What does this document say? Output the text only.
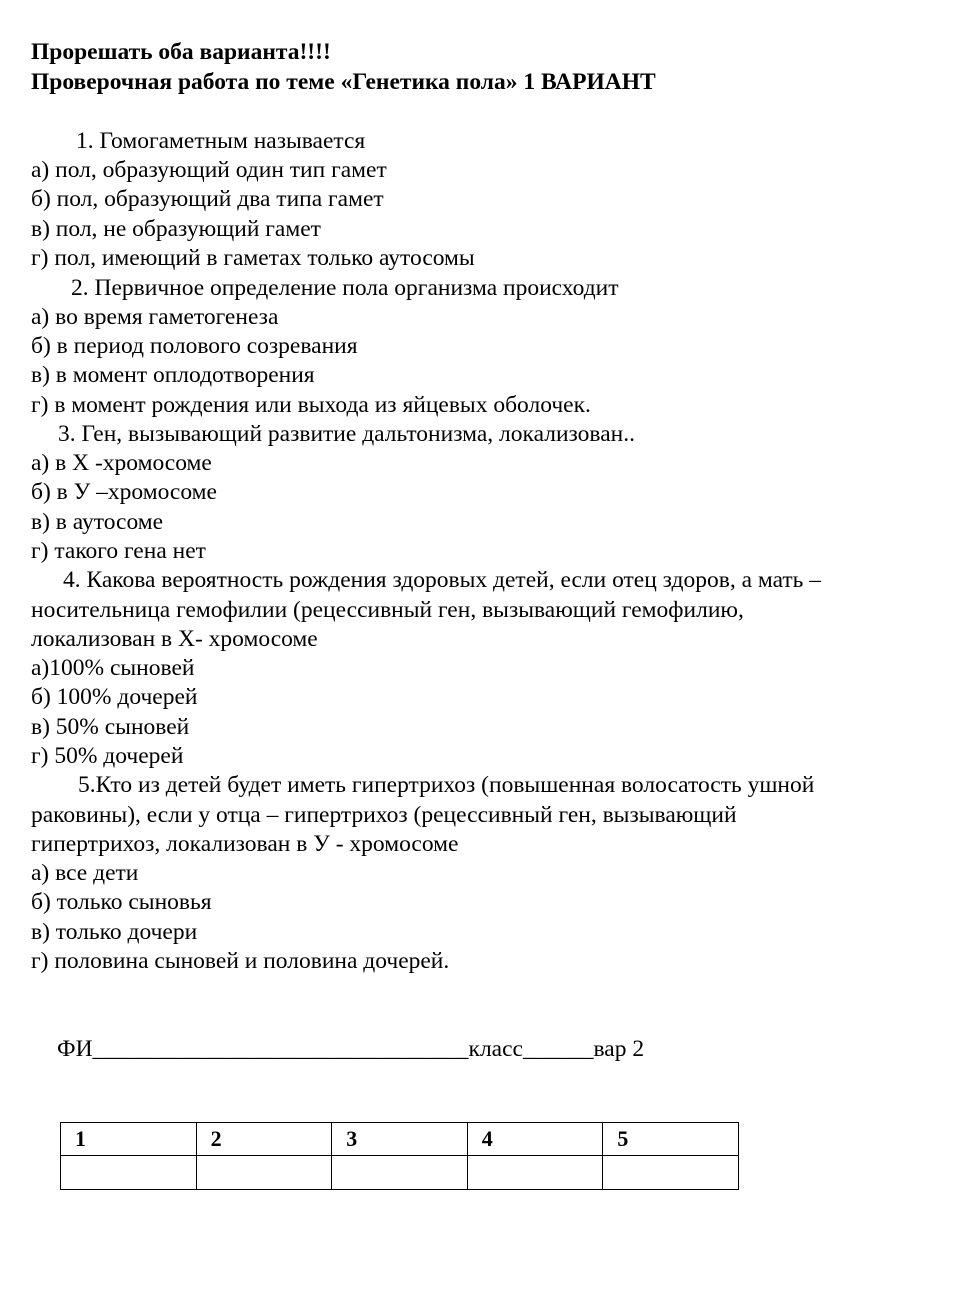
Прорешать оба варианта!!!!
Проверочная работа по теме «Генетика пола» 1 ВАРИАНТ
1. Гомогаметным называется
а) пол, образующий один тип гамет
б) пол, образующий два типа гамет
в) пол, не образующий гамет
г) пол, имеющий в гаметах только аутосомы
2. Первичное определение пола организма происходит
а) во время гаметогенеза
б) в период полового созревания
в) в момент оплодотворения
г) в момент рождения или выхода из яйцевых оболочек.
3. Ген, вызывающий развитие дальтонизма, локализован..
а) в Х -хромосоме
б) в У –хромосоме
в) в аутосоме
г) такого гена нет
4. Какова вероятность рождения здоровых детей, если отец здоров, а мать –
носительница гемофилии (рецессивный ген, вызывающий гемофилию,
локализован в Х- хромосоме
а)100% сыновей
б) 100% дочерей
в) 50% сыновей
г) 50% дочерей
5.Кто из детей будет иметь гипертрихоз (повышенная волосатость ушной
раковины), если у отца – гипертрихоз (рецессивный ген, вызывающий
гипертрихоз, локализован в У - хромосоме
а) все дети
б) только сыновья
в) только дочери
г) половина сыновей и половина дочерей.
ФИ________________________________класс______вар 2
1	2	3	4	5
